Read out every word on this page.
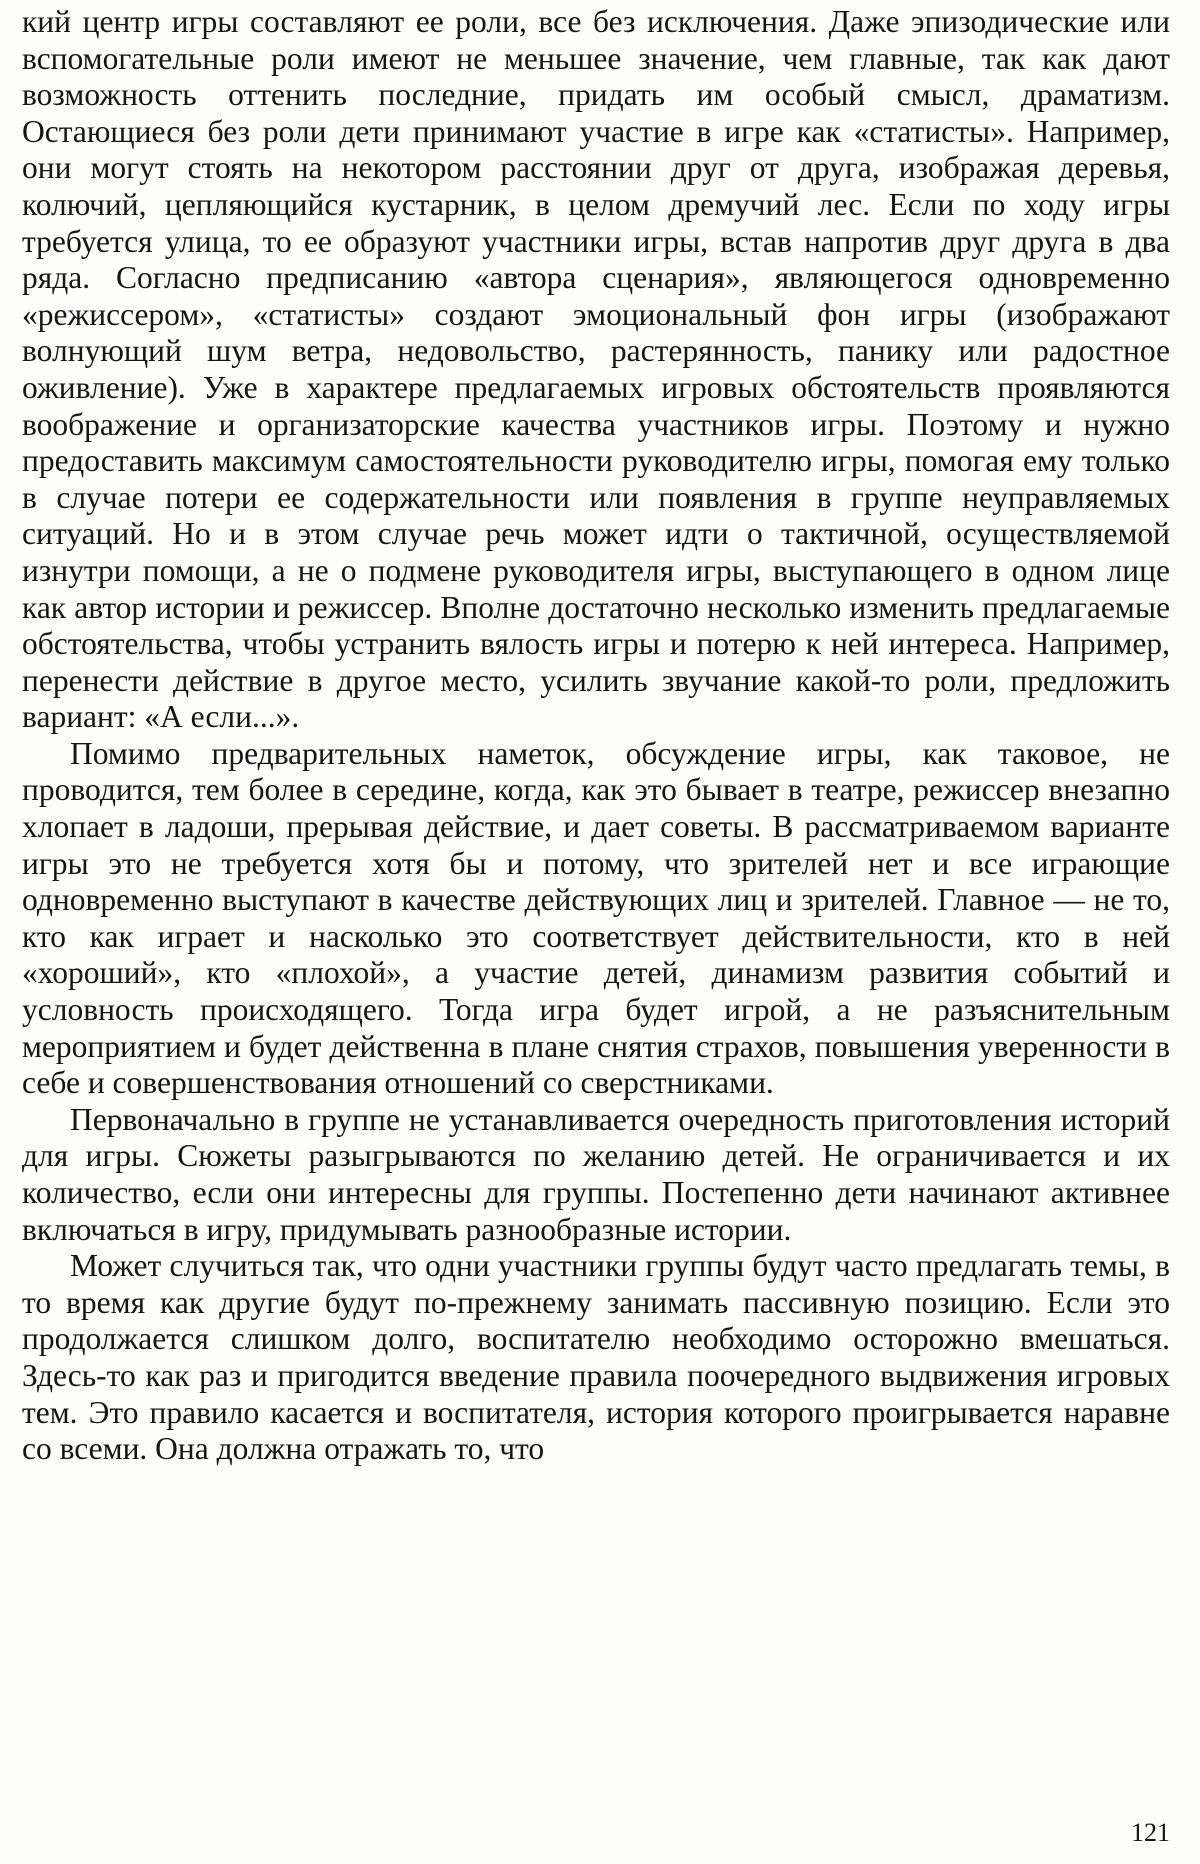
кий центр игры составляют ее роли, все без исключения. Даже эпизодические или вспомогательные роли имеют не меньшее значение, чем главные, так как дают возможность оттенить последние, придать им особый смысл, драматизм. Остающиеся без роли дети принимают участие в игре как «статисты». Например, они могут стоять на некотором расстоянии друг от друга, изображая деревья, колючий, цепляющийся кустарник, в целом дремучий лес. Если по ходу игры требуется улица, то ее образуют участники игры, встав напротив друг друга в два ряда. Согласно предписанию «автора сценария», являющегося одновременно «режиссером», «статисты» создают эмоциональный фон игры (изображают волнующий шум ветра, недовольство, растерянность, панику или радостное оживление). Уже в характере предлагаемых игровых обстоятельств проявляются воображение и организаторские качества участников игры. Поэтому и нужно предоставить максимум самостоятельности руководителю игры, помогая ему только в случае потери ее содержательности или появления в группе неуправляемых ситуаций. Но и в этом случае речь может идти о тактичной, осуществляемой изнутри помощи, а не о подмене руководителя игры, выступающего в одном лице как автор истории и режиссер. Вполне достаточно несколько изменить предлагаемые обстоятельства, чтобы устранить вялость игры и потерю к ней интереса. Например, перенести действие в другое место, усилить звучание какой-то роли, предложить вариант: «А если...».

Помимо предварительных наметок, обсуждение игры, как таковое, не проводится, тем более в середине, когда, как это бывает в театре, режиссер внезапно хлопает в ладоши, прерывая действие, и дает советы. В рассматриваемом варианте игры это не требуется хотя бы и потому, что зрителей нет и все играющие одновременно выступают в качестве действующих лиц и зрителей. Главное — не то, кто как играет и насколько это соответствует действительности, кто в ней «хороший», кто «плохой», а участие детей, динамизм развития событий и условность происходящего. Тогда игра будет игрой, а не разъяснительным мероприятием и будет действенна в плане снятия страхов, повышения уверенности в себе и совершенствования отношений со сверстниками.

Первоначально в группе не устанавливается очередность приготовления историй для игры. Сюжеты разыгрываются по желанию детей. Не ограничивается и их количество, если они интересны для группы. Постепенно дети начинают активнее включаться в игру, придумывать разнообразные истории.

Может случиться так, что одни участники группы будут часто предлагать темы, в то время как другие будут по-прежнему занимать пассивную позицию. Если это продолжается слишком долго, воспитателю необходимо осторожно вмешаться. Здесь-то как раз и пригодится введение правила поочередного выдвижения игровых тем. Это правило касается и воспитателя, история которого проигрывается наравне со всеми. Она должна отражать то, что

121
